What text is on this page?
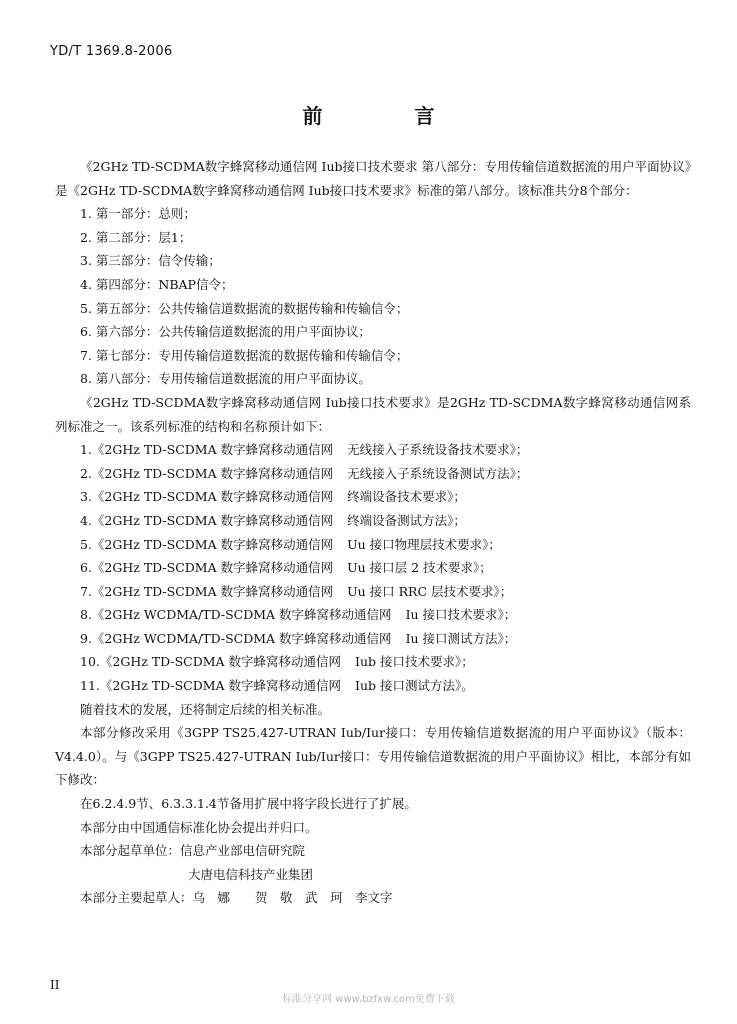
YD/T 1369.8-2006
前　言

《2GHz TD-SCDMA数字蜂窝移动通信网 Iub接口技术要求 第八部分：专用传输信道数据流的用户平面协议》是《2GHz TD-SCDMA数字蜂窝移动通信网 Iub接口技术要求》标准的第八部分。该标准共分8个部分：

1. 第一部分：总则；

2. 第二部分：层1；

3. 第三部分：信令传输；

4. 第四部分：NBAP信令；

5. 第五部分：公共传输信道数据流的数据传输和传输信令；

6. 第六部分：公共传输信道数据流的用户平面协议；

7. 第七部分：专用传输信道数据流的数据传输和传输信令；

8. 第八部分：专用传输信道数据流的用户平面协议。

《2GHz TD-SCDMA数字蜂窝移动通信网 Iub接口技术要求》是2GHz TD-SCDMA数字蜂窝移动通信网系列标准之一。该系列标准的结构和名称预计如下：

1.《2GHz TD-SCDMA 数字蜂窝移动通信网 无线接入子系统设备技术要求》；

2.《2GHz TD-SCDMA 数字蜂窝移动通信网 无线接入子系统设备测试方法》；

3.《2GHz TD-SCDMA 数字蜂窝移动通信网 终端设备技术要求》；

4.《2GHz TD-SCDMA 数字蜂窝移动通信网 终端设备测试方法》；

5.《2GHz TD-SCDMA 数字蜂窝移动通信网 Uu 接口物理层技术要求》；

6.《2GHz TD-SCDMA 数字蜂窝移动通信网 Uu 接口层 2 技术要求》；

7.《2GHz TD-SCDMA 数字蜂窝移动通信网 Uu 接口 RRC 层技术要求》；

8.《2GHz WCDMA/TD-SCDMA 数字蜂窝移动通信网 Iu 接口技术要求》；

9.《2GHz WCDMA/TD-SCDMA 数字蜂窝移动通信网 Iu 接口测试方法》；

10.《2GHz TD-SCDMA 数字蜂窝移动通信网 Iub 接口技术要求》；

11.《2GHz TD-SCDMA 数字蜂窝移动通信网 Iub 接口测试方法》。

随着技术的发展，还将制定后续的相关标准。

本部分修改采用《3GPP TS25.427-UTRAN Iub/Iur接口：专用传输信道数据流的用户平面协议》（版本：V4.4.0）。与《3GPP TS25.427-UTRAN Iub/Iur接口：专用传输信道数据流的用户平面协议》相比，本部分有如下修改：

在6.2.4.9节、6.3.3.1.4节备用扩展中将字段长进行了扩展。

本部分由中国通信标准化协会提出并归口。

本部分起草单位：信息产业部电信研究院

大唐电信科技产业集团

本部分主要起草人：乌　娜　　贺　敬　武　珂　李文字

II
标准分享网 www.bzfxw.com免费下载
